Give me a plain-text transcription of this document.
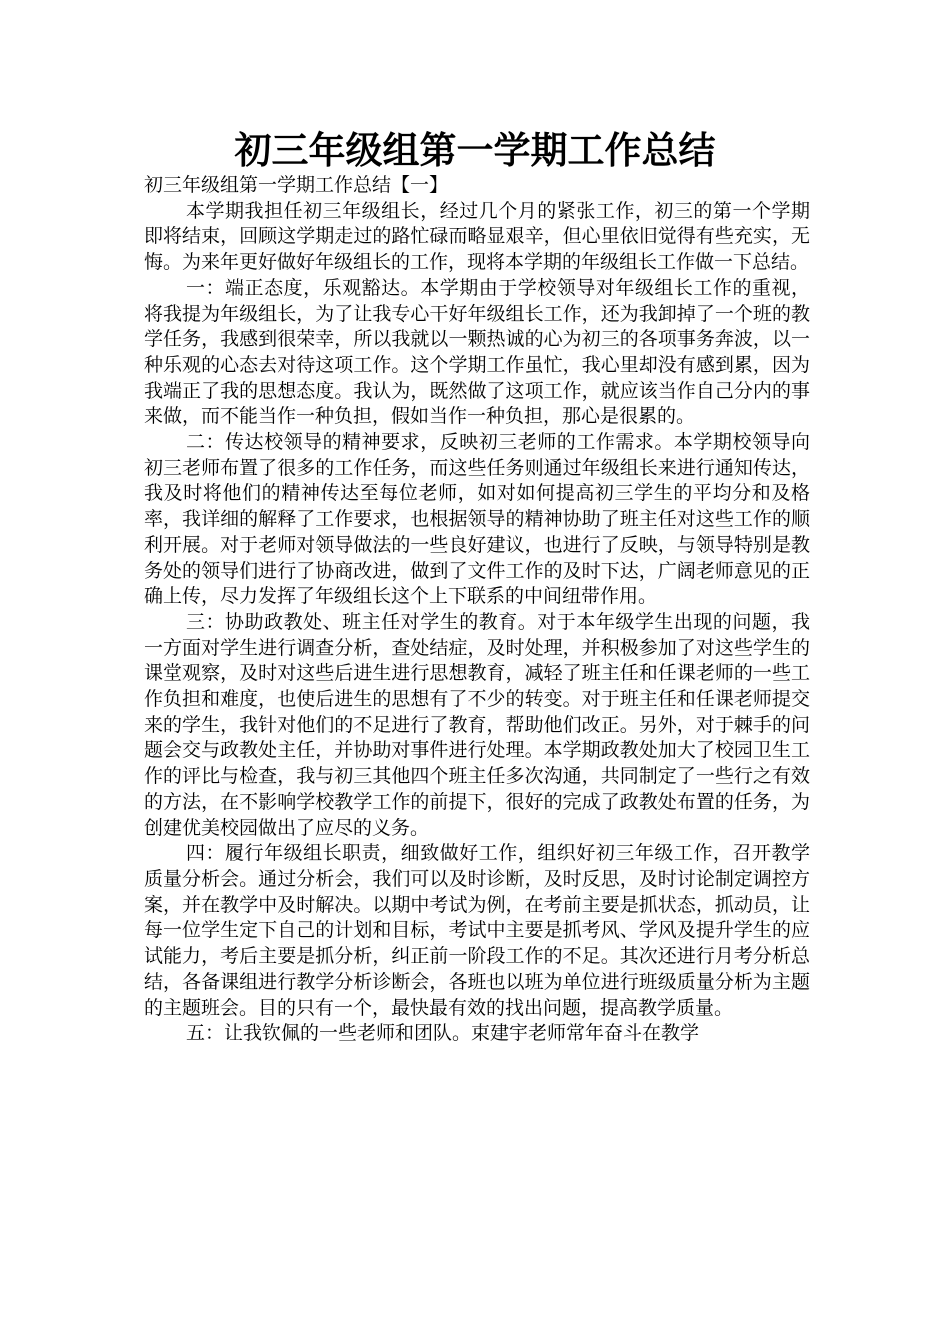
初三年级组第一学期工作总结

初三年级组第一学期工作总结【一】

本学期我担任初三年级组长，经过几个月的紧张工作，初三的第一个学期即将结束，回顾这学期走过的路忙碌而略显艰辛，但心里依旧觉得有些充实，无悔。为来年更好做好年级组长的工作，现将本学期的年级组长工作做一下总结。

一：端正态度，乐观豁达。本学期由于学校领导对年级组长工作的重视，将我提为年级组长，为了让我专心干好年级组长工作，还为我卸掉了一个班的教学任务，我感到很荣幸，所以我就以一颗热诚的心为初三的各项事务奔波，以一种乐观的心态去对待这项工作。这个学期工作虽忙，我心里却没有感到累，因为我端正了我的思想态度。我认为，既然做了这项工作，就应该当作自己分内的事来做，而不能当作一种负担，假如当作一种负担，那心是很累的。

二：传达校领导的精神要求，反映初三老师的工作需求。本学期校领导向初三老师布置了很多的工作任务，而这些任务则通过年级组长来进行通知传达，我及时将他们的精神传达至每位老师，如对如何提高初三学生的平均分和及格率，我详细的解释了工作要求，也根据领导的精神协助了班主任对这些工作的顺利开展。对于老师对领导做法的一些良好建议，也进行了反映，与领导特别是教务处的领导们进行了协商改进，做到了文件工作的及时下达，广阔老师意见的正确上传，尽力发挥了年级组长这个上下联系的中间纽带作用。

三：协助政教处、班主任对学生的教育。对于本年级学生出现的问题，我一方面对学生进行调查分析，查处结症，及时处理，并积极参加了对这些学生的课堂观察，及时对这些后进生进行思想教育，减轻了班主任和任课老师的一些工作负担和难度，也使后进生的思想有了不少的转变。对于班主任和任课老师提交来的学生，我针对他们的不足进行了教育，帮助他们改正。另外，对于棘手的问题会交与政教处主任，并协助对事件进行处理。本学期政教处加大了校园卫生工作的评比与检查，我与初三其他四个班主任多次沟通，共同制定了一些行之有效的方法，在不影响学校教学工作的前提下，很好的完成了政教处布置的任务，为创建优美校园做出了应尽的义务。

四：履行年级组长职责，细致做好工作，组织好初三年级工作，召开教学质量分析会。通过分析会，我们可以及时诊断，及时反思，及时讨论制定调控方案，并在教学中及时解决。以期中考试为例，在考前主要是抓状态，抓动员，让每一位学生定下自己的计划和目标，考试中主要是抓考风、学风及提升学生的应试能力，考后主要是抓分析，纠正前一阶段工作的不足。其次还进行月考分析总结，各备课组进行教学分析诊断会，各班也以班为单位进行班级质量分析为主题的主题班会。目的只有一个，最快最有效的找出问题，提高教学质量。

五：让我钦佩的一些老师和团队。束建宇老师常年奋斗在教学
